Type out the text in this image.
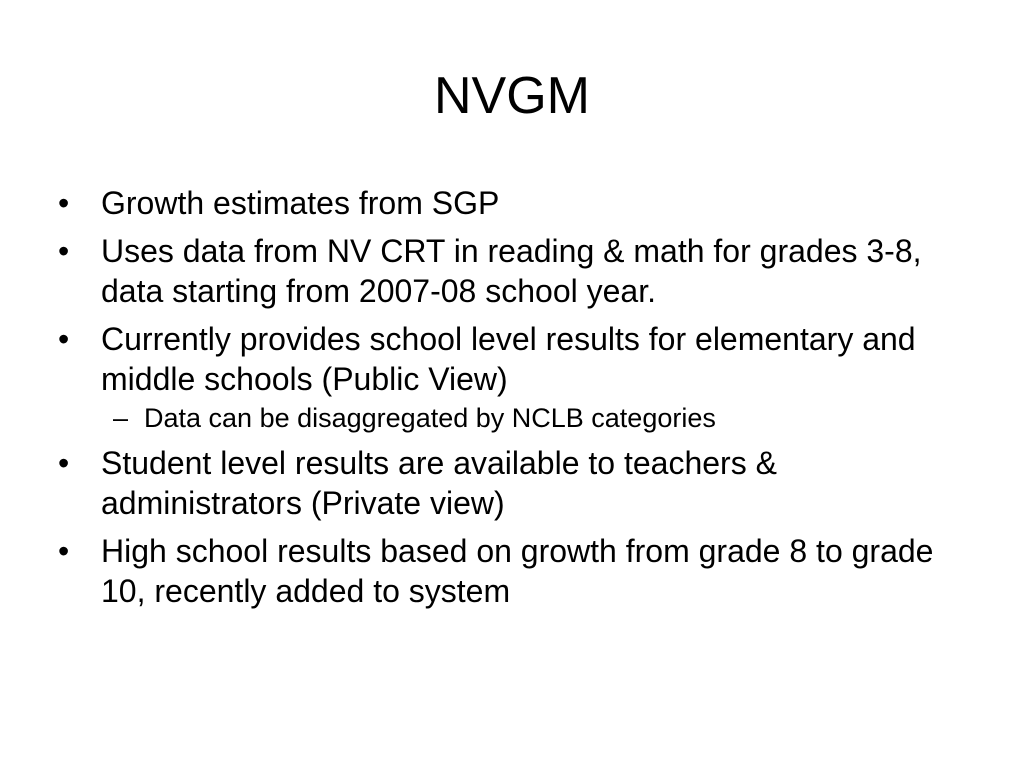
NVGM
• Growth estimates from SGP
• Uses data from NV CRT in reading & math for grades 3-8, data starting from 2007-08 school year.
• Currently provides school level results for elementary and middle schools (Public View)
– Data can be disaggregated by NCLB categories
• Student level results are available to teachers & administrators (Private view)
• High school results based on growth from grade 8 to grade 10, recently added to system
